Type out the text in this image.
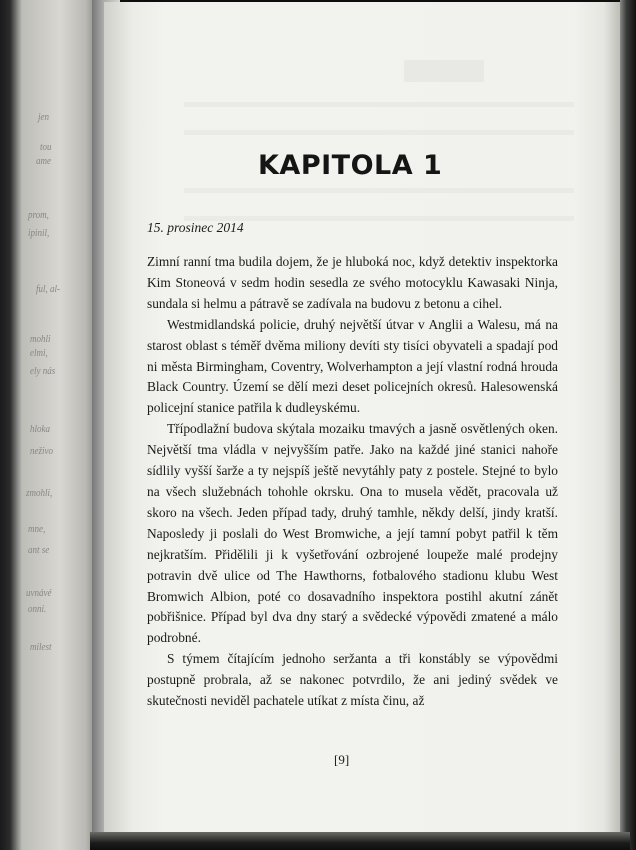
jen
tou
ame
prom,
ipinil,
ful, al-
mohli
elmi,
ely nás
hloka
neživo
zmohli,
mne,
ant se
uvnávé
onni.
milest
KAPITOLA 1

15. prosinec 2014

Zimní ranní tma budila dojem, že je hluboká noc, když detektiv inspektorka Kim Stoneová v sedm hodin sesedla ze svého motocyklu Kawasaki Ninja, sundala si helmu a pátravě se zadívala na budovu z betonu a cihel.

Westmidlandská policie, druhý největší útvar v Anglii a Walesu, má na starost oblast s téměř dvěma miliony devíti sty tisíci obyvateli a spadají pod ni města Birmingham, Coventry, Wolverhampton a její vlastní rodná hrouda Black Country. Území se dělí mezi deset policejních okresů. Halesowenská policejní stanice patřila k dudleyskému.

Třípodlažní budova skýtala mozaiku tmavých a jasně osvětlených oken. Největší tma vládla v nejvyšším patře. Jako na každé jiné stanici nahoře sídlily vyšší šarže a ty nejspíš ještě nevytáhly paty z postele. Stejné to bylo na všech služebnách tohohle okrsku. Ona to musela vědět, pracovala už skoro na všech. Jeden případ tady, druhý tamhle, někdy delší, jindy kratší. Naposledy ji poslali do West Bromwiche, a její tamní pobyt patřil k těm nejkratším. Přidělili ji k vyšetřování ozbrojené loupeže malé prodejny potravin dvě ulice od The Hawthorns, fotbalového stadionu klubu West Bromwich Albion, poté co dosavadního inspektora postihl akutní zánět pobřišnice. Případ byl dva dny starý a svědecké výpovědi zmatené a málo podrobné.

S týmem čítajícím jednoho seržanta a tři konstábly se výpovědmi postupně probrala, až se nakonec potvrdilo, že ani jediný svědek ve skutečnosti neviděl pachatele utíkat z místa činu, až

[9]
